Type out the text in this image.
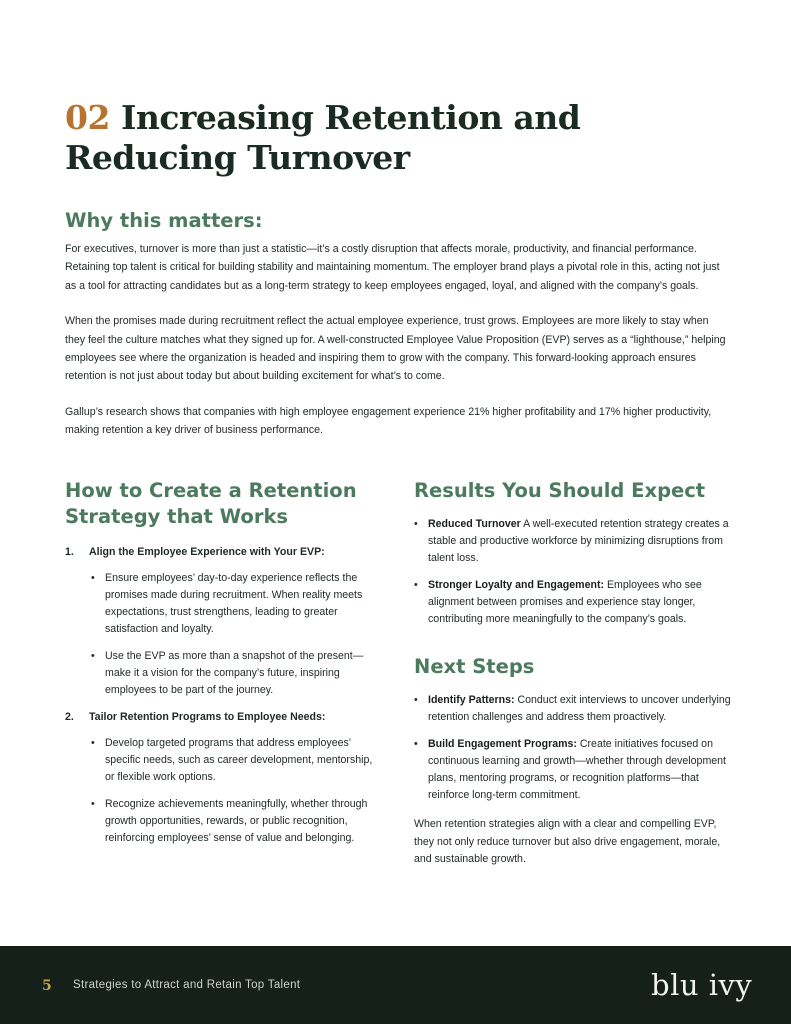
02 Increasing Retention and Reducing Turnover
Why this matters:

For executives, turnover is more than just a statistic—it’s a costly disruption that affects morale, productivity, and financial performance. Retaining top talent is critical for building stability and maintaining momentum. The employer brand plays a pivotal role in this, acting not just as a tool for attracting candidates but as a long-term strategy to keep employees engaged, loyal, and aligned with the company’s goals.

When the promises made during recruitment reflect the actual employee experience, trust grows. Employees are more likely to stay when they feel the culture matches what they signed up for. A well-constructed Employee Value Proposition (EVP) serves as a “lighthouse,” helping employees see where the organization is headed and inspiring them to grow with the company. This forward-looking approach ensures retention is not just about today but about building excitement for what’s to come.

Gallup’s research shows that companies with high employee engagement experience 21% higher profitability and 17% higher productivity, making retention a key driver of business performance.

How to Create a Retention Strategy that Works
1.	Align the Employee Experience with Your EVP:
• Ensure employees’ day-to-day experience reflects the promises made during recruitment. When reality meets expectations, trust strengthens, leading to greater satisfaction and loyalty.
• Use the EVP as more than a snapshot of the present—make it a vision for the company’s future, inspiring employees to be part of the journey.
2.	Tailor Retention Programs to Employee Needs:
• Develop targeted programs that address employees’ specific needs, such as career development, mentorship, or flexible work options.
• Recognize achievements meaningfully, whether through growth opportunities, rewards, or public recognition, reinforcing employees’ sense of value and belonging.
Results You Should Expect
• Reduced Turnover A well-executed retention strategy creates a stable and productive workforce by minimizing disruptions from talent loss.
• Stronger Loyalty and Engagement: Employees who see alignment between promises and experience stay longer, contributing more meaningfully to the company’s goals.
Next Steps
• Identify Patterns: Conduct exit interviews to uncover underlying retention challenges and address them proactively.
• Build Engagement Programs: Create initiatives focused on continuous learning and growth—whether through development plans, mentoring programs, or recognition platforms—that reinforce long-term commitment.

When retention strategies align with a clear and compelling EVP, they not only reduce turnover but also drive engagement, morale, and sustainable growth.

5 Strategies to Attract and Retain Top Talent	blu ivy
